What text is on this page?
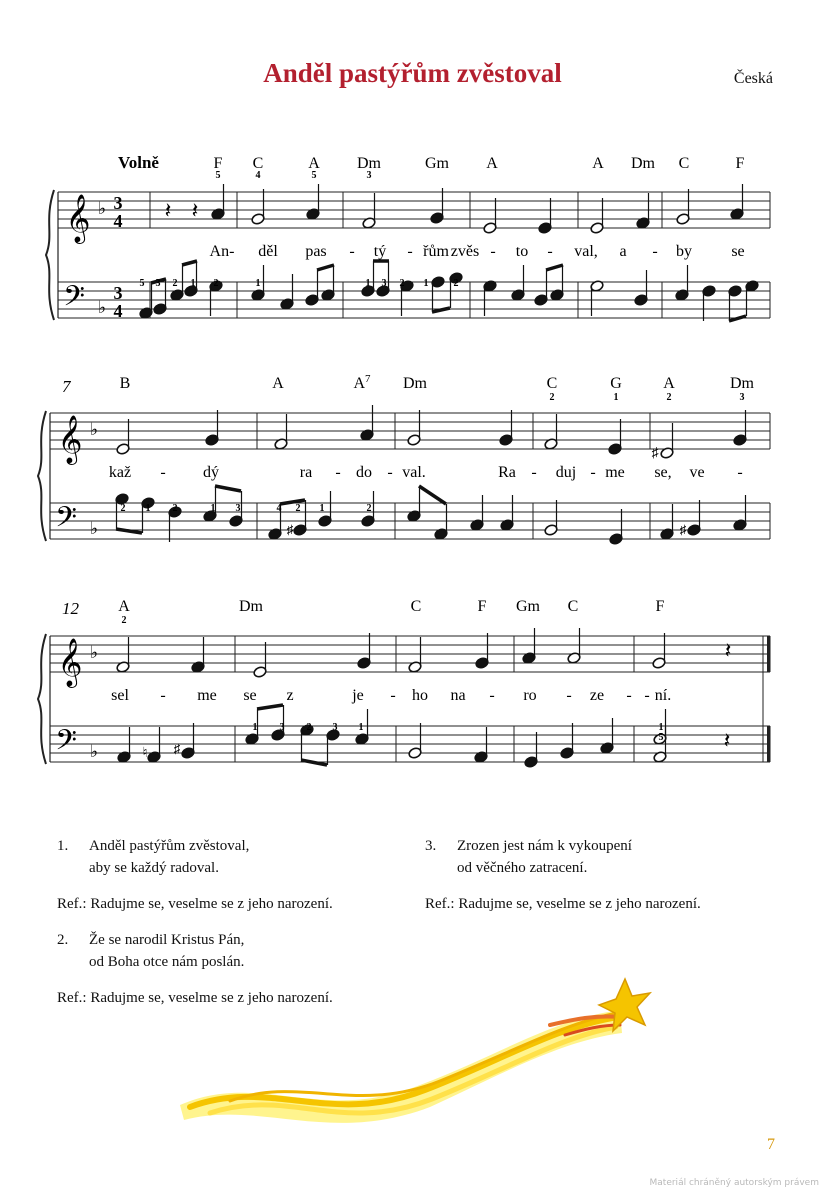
Anděl pastýřům zvěstoval	Česká
Volně
7
12
𝄞
𝄢
♭
♭
3
4
3
4
F
5
C
4
A
5
Dm
3
Gm A	A Dm C	F
An- děl pas - tý - řům zvěs - to - val, a - by se
5 3 2 1 2	1	1 3 2 1	2
𝄞
𝄢
♭
♭
B	A	$A^7$ Dm	C
2
G
1
A
2
Dm
3
kaž - dý	ra - do - val.	Ra - duj - me se, ve -
2 1 2	1 3	4 2 1	2
𝄞
𝄢
♭
♭
A
2
Dm	C	F Gm C	F
sel - me se z	je - ho na - ro - ze - - ní.
1 3 2 3 1	1
5
𝄽 𝄽
♯
♯	♯
𝄽
♮ ♯	𝄽
1. Anděl pastýřům zvěstoval,
aby se každý radoval.
Ref.: Radujme se, veselme se z jeho narození.
2. Že se narodil Kristus Pán,
od Boha otce nám poslán.
Ref.: Radujme se, veselme se z jeho narození.
3. Zrozen jest nám k vykoupení
od věčného zatracení.
Ref.: Radujme se, veselme se z jeho narození.
7
Materiál chráněný autorským právem
